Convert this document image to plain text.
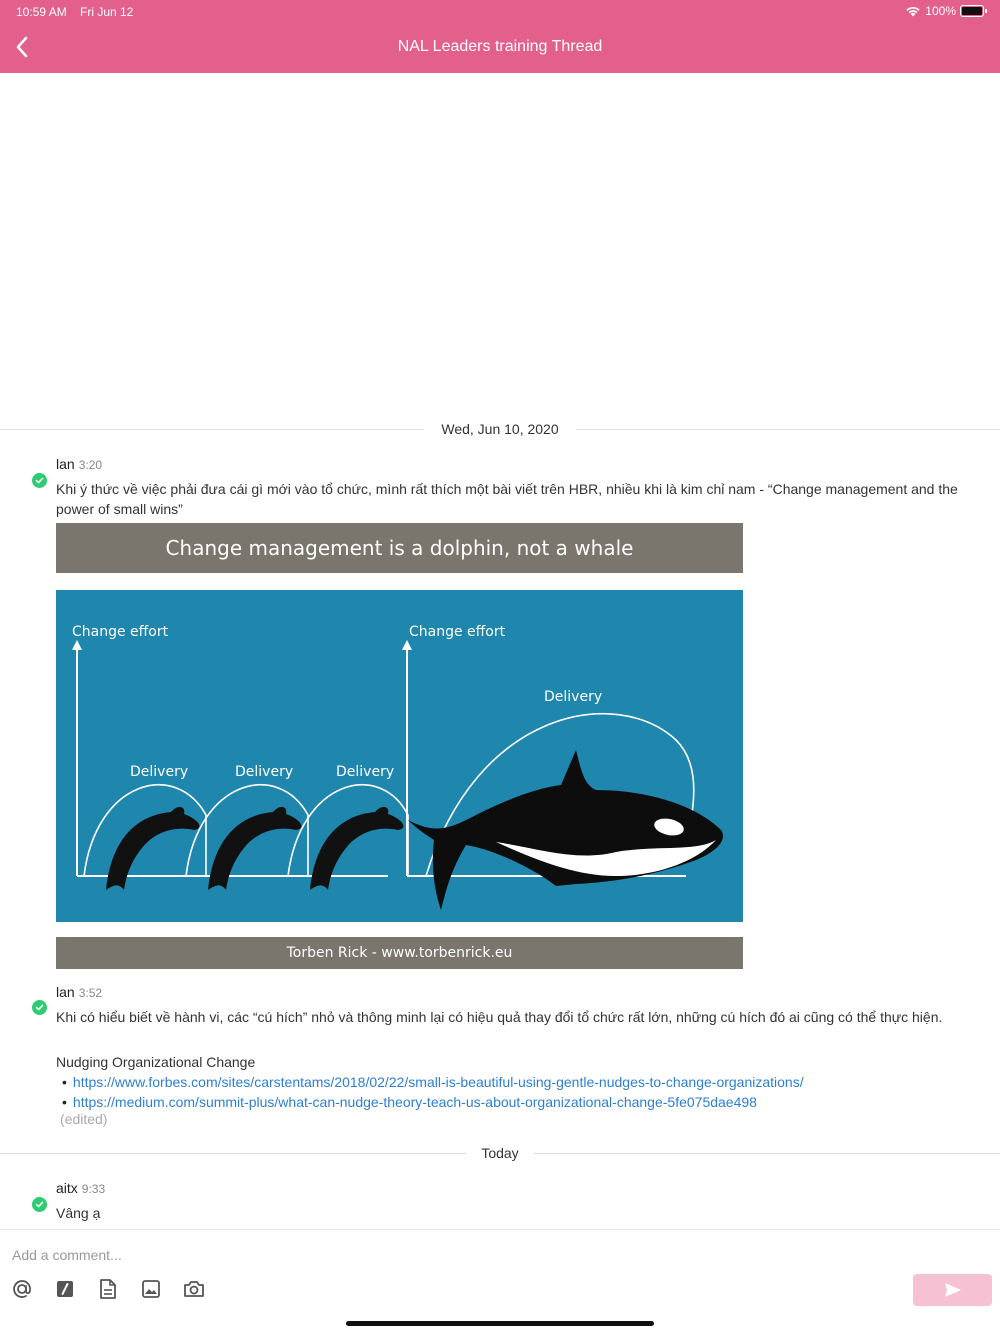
10:59 AM Fri Jun 12	100%
NAL Leaders training Thread
Wed, Jun 10, 2020
lan 3:20
Khi ý thức về việc phải đưa cái gì mới vào tổ chức, mình rất thích một bài viết trên HBR, nhiều khi là kim chỉ nam - “Change management and the power of small wins”
Change management is a dolphin, not a whale
Change effort
Delivery	Delivery	Delivery
Change effort
Delivery
Torben Rick - www.torbenrick.eu
lan 3:52
Khi có hiểu biết về hành vi, các “cú hích” nhỏ và thông minh lại có hiệu quả thay đổi tổ chức rất lớn, những cú hích đó ai cũng có thể thực hiện.
Nudging Organizational Change
• https://www.forbes.com/sites/carstentams/2018/02/22/small-is-beautiful-using-gentle-nudges-to-change-organizations/
• https://medium.com/summit-plus/what-can-nudge-theory-teach-us-about-organizational-change-5fe075dae498
(edited)
Today
aitx 9:33
Vâng ạ
Add a comment...
